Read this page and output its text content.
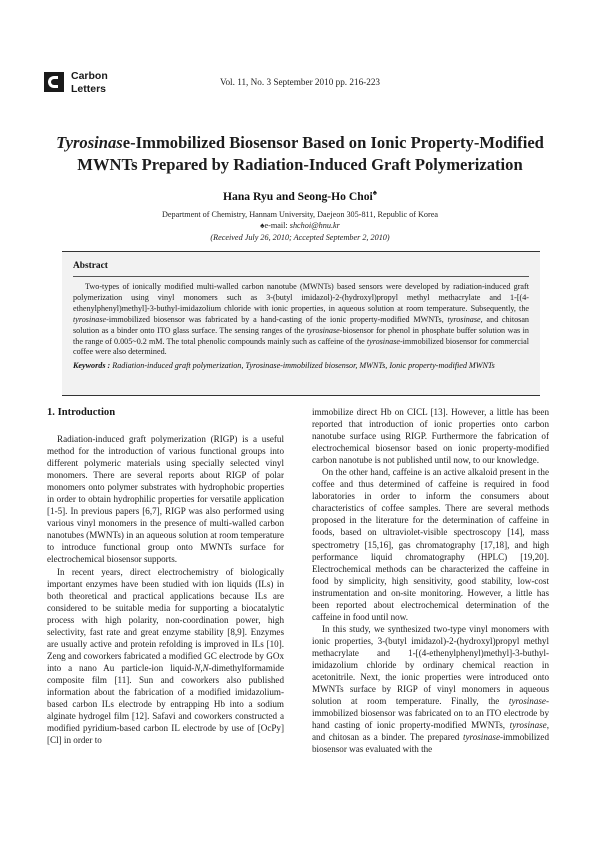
Carbon
Letters
Vol. 11, No. 3 September 2010 pp. 216-223
Tyrosinase-Immobilized Biosensor Based on Ionic Property-Modified
MWNTs Prepared by Radiation-Induced Graft Polymerization
Hana Ryu and Seong-Ho Choi♠
Department of Chemistry, Hannam University, Daejeon 305-811, Republic of Korea
♠e-mail: shchoi@hnu.kr
(Received July 26, 2010; Accepted September 2, 2010)
Abstract
Two-types of ionically modified multi-walled carbon nanotube (MWNTs) based sensors were developed by radiation-induced graft polymerization using vinyl monomers such as 3-(butyl imidazol)-2-(hydroxyl)propyl methyl methacrylate and 1-[(4-ethenylphenyl)methyl]-3-buthyl-imidazolium chloride with ionic properties, in aqueous solution at room temperature. Subsequently, the tyrosinase-immobilized biosensor was fabricated by a hand-casting of the ionic property-modified MWNTs, tyrosinase, and chitosan solution as a binder onto ITO glass surface. The sensing ranges of the tyrosinase-biosensor for phenol in phosphate buffer solution was in the range of 0.005~0.2 mM. The total phenolic compounds mainly such as caffeine of the tyrosinase-immobilized biosensor for commercial coffee were also determined.
Keywords : Radiation-induced graft polymerization, Tyrosinase-immobilized biosensor, MWNTs, Ionic property-modified MWNTs
1. Introduction

Radiation-induced graft polymerization (RIGP) is a useful method for the introduction of various functional groups into different polymeric materials using specially selected vinyl monomers. There are several reports about RIGP of polar monomers onto polymer substrates with hydrophobic properties in order to obtain hydrophilic properties for versatile application [1-5]. In previous papers [6,7], RIGP was also performed using various vinyl monomers in the presence of multi-walled carbon nanotubes (MWNTs) in an aqueous solution at room temperature to introduce functional group onto MWNTs surface for electrochemical biosensor supports.

In recent years, direct electrochemistry of biologically important enzymes have been studied with ion liquids (ILs) in both theoretical and practical applications because ILs are considered to be suitable media for supporting a biocatalytic process with high polarity, non-coordination power, high selectivity, fast rate and great enzyme stability [8,9]. Enzymes are usually active and protein refolding is improved in ILs [10]. Zeng and coworkers fabricated a modified GC electrode by GOx into a nano Au particle-ion liquid-N,N-dimethylformamide composite film [11]. Sun and coworkers also published information about the fabrication of a modified imidazolium-based carbon ILs electrode by entrapping Hb into a sodium alginate hydrogel film [12]. Safavi and coworkers constructed a modified pyridium-based carbon IL electrode by use of [OcPy][Cl] in order to

immobilize direct Hb on CICL [13]. However, a little has been reported that introduction of ionic properties onto carbon nanotube surface using RIGP. Furthermore the fabrication of electrochemical biosensor based on ionic property-modified carbon nanotube is not published until now, to our knowledge.

On the other hand, caffeine is an active alkaloid present in the coffee and thus determined of caffeine is required in food laboratories in order to inform the consumers about characteristics of coffee samples. There are several methods proposed in the literature for the determination of caffeine in foods, based on ultraviolet-visible spectroscopy [14], mass spectrometry [15,16], gas chromatography [17,18], and high performance liquid chromatography (HPLC) [19,20]. Electrochemical methods can be characterized the caffeine in food by simplicity, high sensitivity, good stability, low-cost instrumentation and on-site monitoring. However, a little has been reported about electrochemical determination of the caffeine in food until now.

In this study, we synthesized two-type vinyl monomers with ionic properties, 3-(butyl imidazol)-2-(hydroxyl)propyl methyl methacrylate and 1-[(4-ethenylphenyl)methyl]-3-buthyl-imidazolium chloride by ordinary chemical reaction in acetonitrile. Next, the ionic properties were introduced onto MWNTs surface by RIGP of vinyl monomers in aqueous solution at room temperature. Finally, the tyrosinase-immobilized biosensor was fabricated on to an ITO electrode by hand casting of ionic property-modified MWNTs, tyrosinase, and chitosan as a binder. The prepared tyrosinase-immobilized biosensor was evaluated with the
